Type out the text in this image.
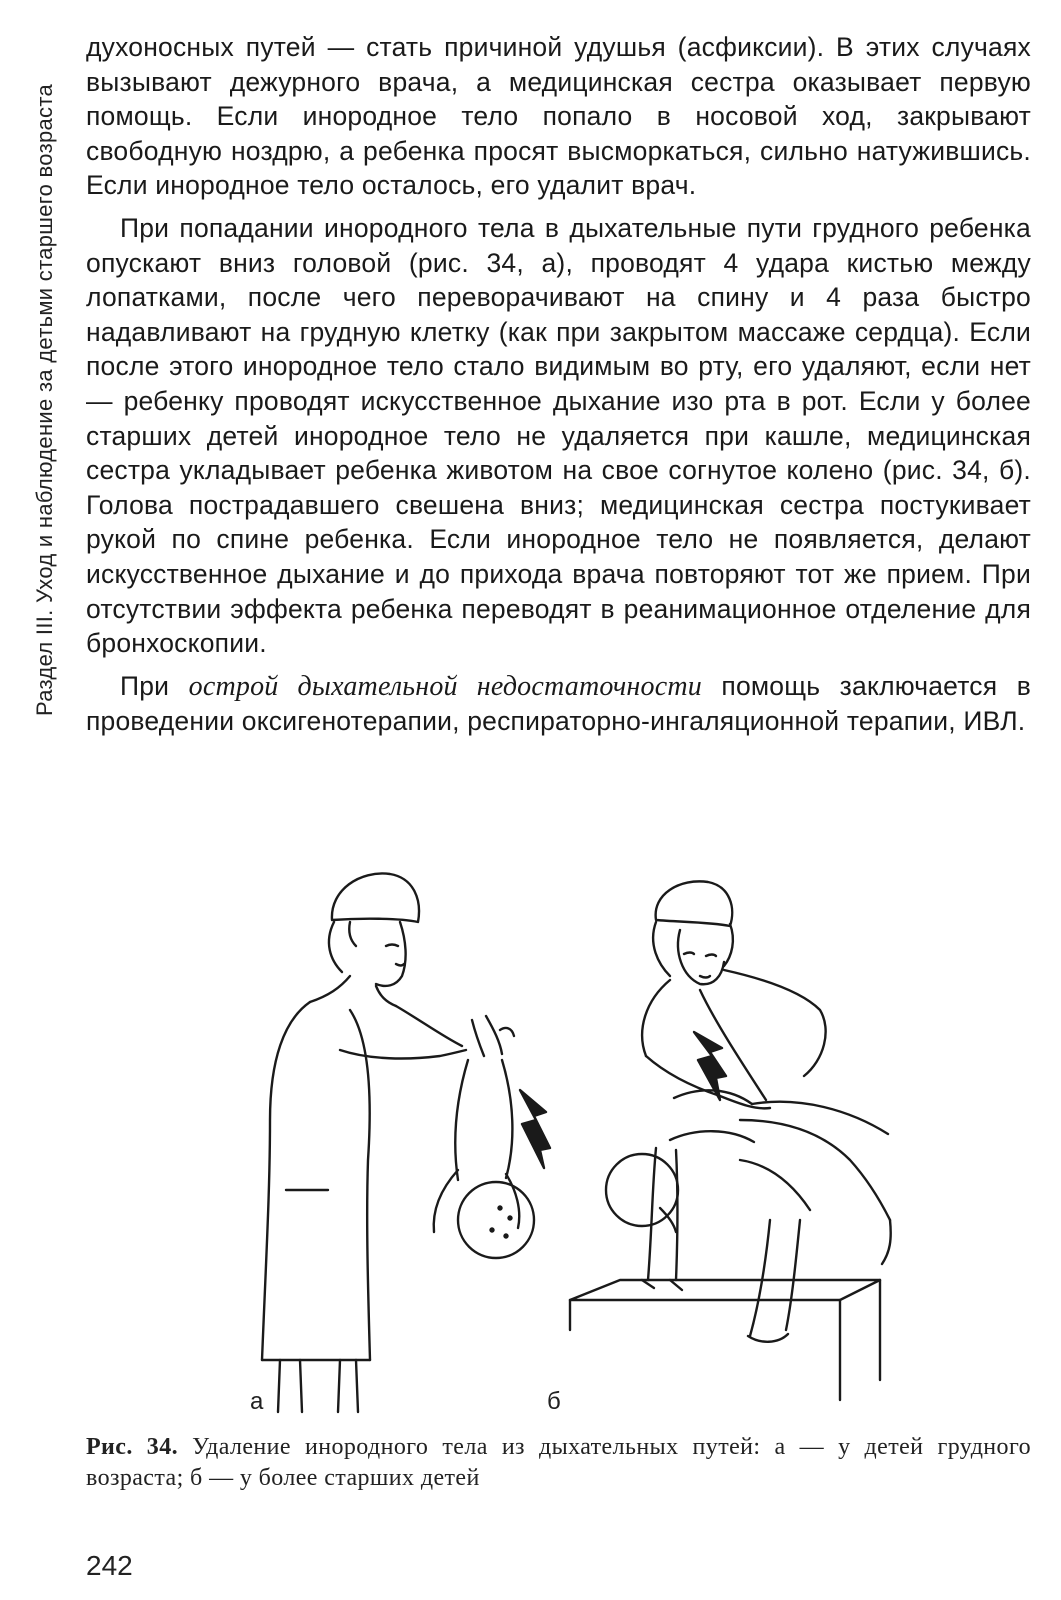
Раздел III. Уход и наблюдение за детьми старшего возраста

духоносных путей — стать причиной удушья (асфиксии). В этих случаях вызывают дежурного врача, а медицинская сестра оказывает первую помощь. Если инородное тело попало в носовой ход, закрывают свободную ноздрю, а ребенка просят высморкаться, сильно натужившись. Если инородное тело осталось, его удалит врач.

При попадании инородного тела в дыхательные пути грудного ребенка опускают вниз головой (рис. 34, а), проводят 4 удара кистью между лопатками, после чего переворачивают на спину и 4 раза быстро надавливают на грудную клетку (как при закрытом массаже сердца). Если после этого инородное тело стало видимым во рту, его удаляют, если нет — ребенку проводят искусственное дыхание изо рта в рот. Если у более старших детей инородное тело не удаляется при кашле, медицинская сестра укладывает ребенка животом на свое согнутое колено (рис. 34, б). Голова пострадавшего свешена вниз; медицинская сестра постукивает рукой по спине ребенка. Если инородное тело не появляется, делают искусственное дыхание и до прихода врача повторяют тот же прием. При отсутствии эффекта ребенка переводят в реанимационное отделение для бронхоскопии.

При острой дыхательной недостаточности помощь заключается в проведении оксигенотерапии, респираторно-ингаляционной терапии, ИВЛ.

а	б
Рис. 34. Удаление инородного тела из дыхательных путей: а — у детей грудного возраста; б — у более старших детей
242
